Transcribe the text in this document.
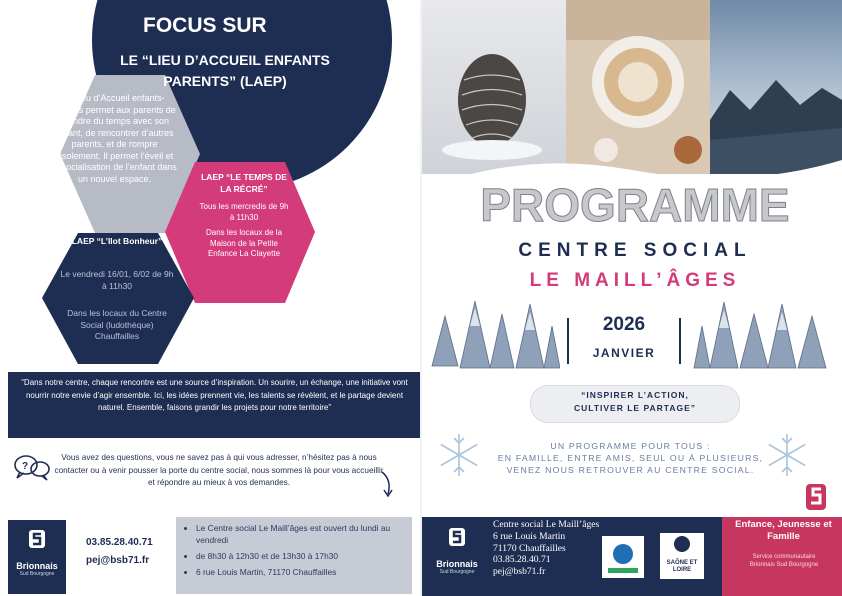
FOCUS SUR
LE “LIEU D’ACCUEIL ENFANTS PARENTS” (LAEP)
Le lieu d’Accueil enfants-parents permet aux parents de prendre du temps avec son enfant, de rencontrer d’autres parents, et de rompre l’isolement. Il permet l’éveil et la socialisation de l’enfant dans un nouvel espace.	LAEP “LE TEMPS DE LA RÉCRÉ”
Tous les mercredis de 9h à 11h30
Dans les locaux de la Maison de la Petite Enfance La Clayette
LAEP “L’Ilot Bonheur”
Le vendredi 16/01, 6/02 de 9h à 11h30
Dans les locaux du Centre Social (ludothèque) Chauffailles
“Dans notre centre, chaque rencontre est une source d’inspiration. Un sourire, un échange, une initiative vont nourrir notre envie d’agir ensemble. Ici, les idées prennent vie, les talents se révèlent, et le partage devient naturel. Ensemble, faisons grandir les projets pour notre territoire”
?
Vous avez des questions, vous ne savez pas à qui vous adresser, n’hésitez pas à nous contacter ou à venir pousser la porte du centre social, nous sommes là pour vous accueillir et répondre au mieux à vos demandes.
Brionnais
Sud Bourgogne
03.85.28.40.71
pej@bsb71.fr
• Le Centre social Le Maill’âges est ouvert du lundi au vendredi
• de 8h30 à 12h30 et de 13h30 à 17h30
• 6 rue Louis Martin, 71170 Chauffailles
PROGRAMME
CENTRE SOCIAL
LE MAILL’ÂGES
2026
JANVIER
“INSPIRER L’ACTION,
CULTIVER LE PARTAGE”
UN PROGRAMME POUR TOUS :
EN FAMILLE, ENTRE AMIS, SEUL OU À PLUSIEURS,
VENEZ NOUS RETROUVER AU CENTRE SOCIAL.
Brionnais
Sud Bourgogne
Centre social Le Maill’âges
6 rue Louis Martin
71170 Chauffailles
03.85.28.40.71
pej@bsb71.fr
SAÔNE ET LOIRE
Enfance, Jeunesse et Famille
Service communautaire Brionnais Sud Bourgogne
